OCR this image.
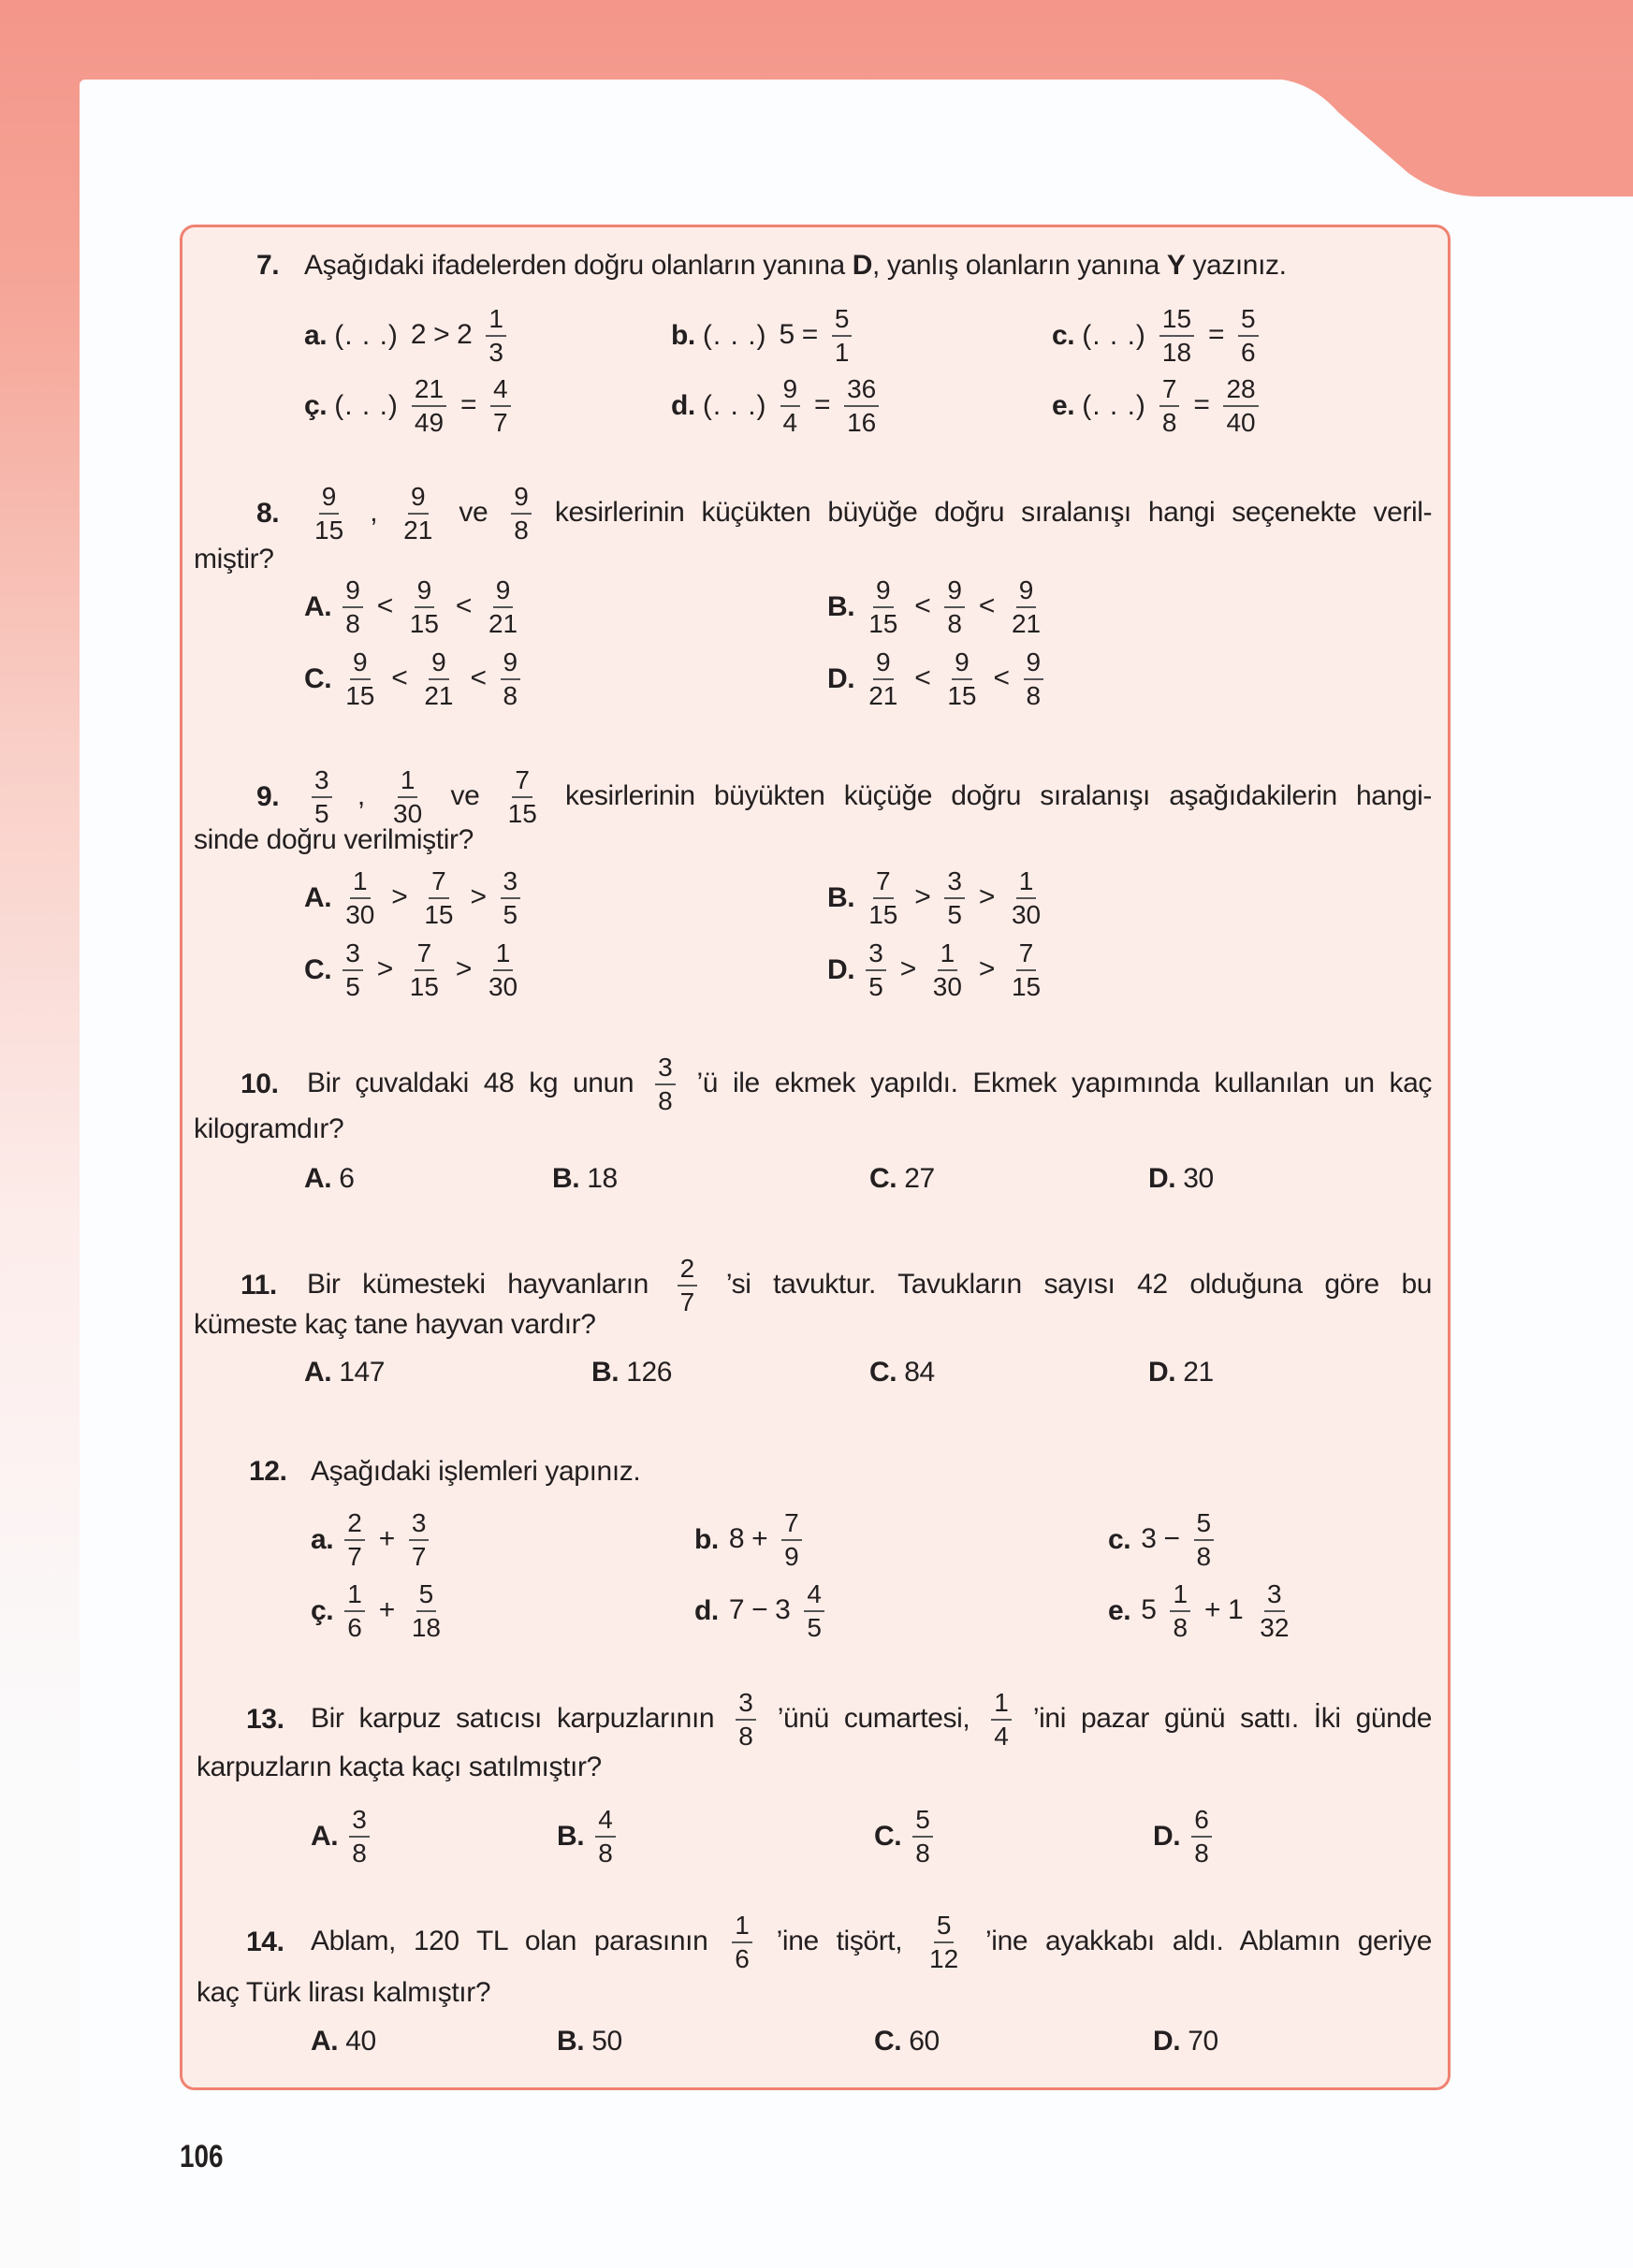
7. Aşağıdaki ifadelerden doğru olanların yanına D, yanlış olanların yanına Y yazınız.
a. (. . .) $2 > 2 \frac{1}{3}$	b. (. . .) $5 = \frac{5}{1}$	c. (. . .) $\frac{15}{18} = \frac{5}{6}$
ç. (. . .) $\frac{21}{49} = \frac{4}{7}$	d. (. . .) $\frac{9}{4} = \frac{36}{16}$	e. (. . .) $\frac{7}{8} = \frac{28}{40}$
8.	$\frac{9}{15}$ , $\frac{9}{21}$ ve $\frac{9}{8}$ kesirlerinin küçükten büyüğe doğru sıralanışı hangi seçenekte veril-
miştir?
A. $\frac{9}{8} < \frac{9}{15} < \frac{9}{21}$	B. $\frac{9}{15} < \frac{9}{8} < \frac{9}{21}$
C. $\frac{9}{15} < \frac{9}{21} < \frac{9}{8}$	D. $\frac{9}{21} < \frac{9}{15} < \frac{9}{8}$
9.	$\frac{3}{5}$ , $\frac{1}{30}$ ve $\frac{7}{15}$ kesirlerinin büyükten küçüğe doğru sıralanışı aşağıdakilerin hangi-
sinde doğru verilmiştir?
A. $\frac{1}{30} > \frac{7}{15} > \frac{3}{5}$	B. $\frac{7}{15} > \frac{3}{5} > \frac{1}{30}$
C. $\frac{3}{5} > \frac{7}{15} > \frac{1}{30}$	D. $\frac{3}{5} > \frac{1}{30} > \frac{7}{15}$
10.	Bir çuvaldaki 48 kg unun $\frac{3}{8}$ ’ü ile ekmek yapıldı. Ekmek yapımında kullanılan un kaç
kilogramdır?
A. 6	B. 18	C. 27	D. 30
11.	Bir kümesteki hayvanların $\frac{2}{7}$ ’si tavuktur. Tavukların sayısı 42 olduğuna göre bu
kümeste kaç tane hayvan vardır?
A. 147	B. 126	C. 84	D. 21
12. Aşağıdaki işlemleri yapınız.
a. $\frac{2}{7} + \frac{3}{7}$	b. $8 + \frac{7}{9}$	c. $3 - \frac{5}{8}$
ç. $\frac{1}{6} + \frac{5}{18}$	d. $7 - 3 \frac{4}{5}$	e. $5 \frac{1}{8} + 1 \frac{3}{32}$
13. Bir karpuz satıcısı karpuzlarının $\frac{3}{8}$ ’ünü cumartesi, $\frac{1}{4}$ ’ini pazar günü sattı. İki günde
karpuzların kaçta kaçı satılmıştır?
A. $\frac{3}{8}$	B. $\frac{4}{8}$	C. $\frac{5}{8}$	D. $\frac{6}{8}$
14. Ablam, 120 TL olan parasının $\frac{1}{6}$ ’ine tişört, $\frac{5}{12}$ ’ine ayakkabı aldı. Ablamın geriye
kaç Türk lirası kalmıştır?
A. 40	B. 50	C. 60	D. 70
106
